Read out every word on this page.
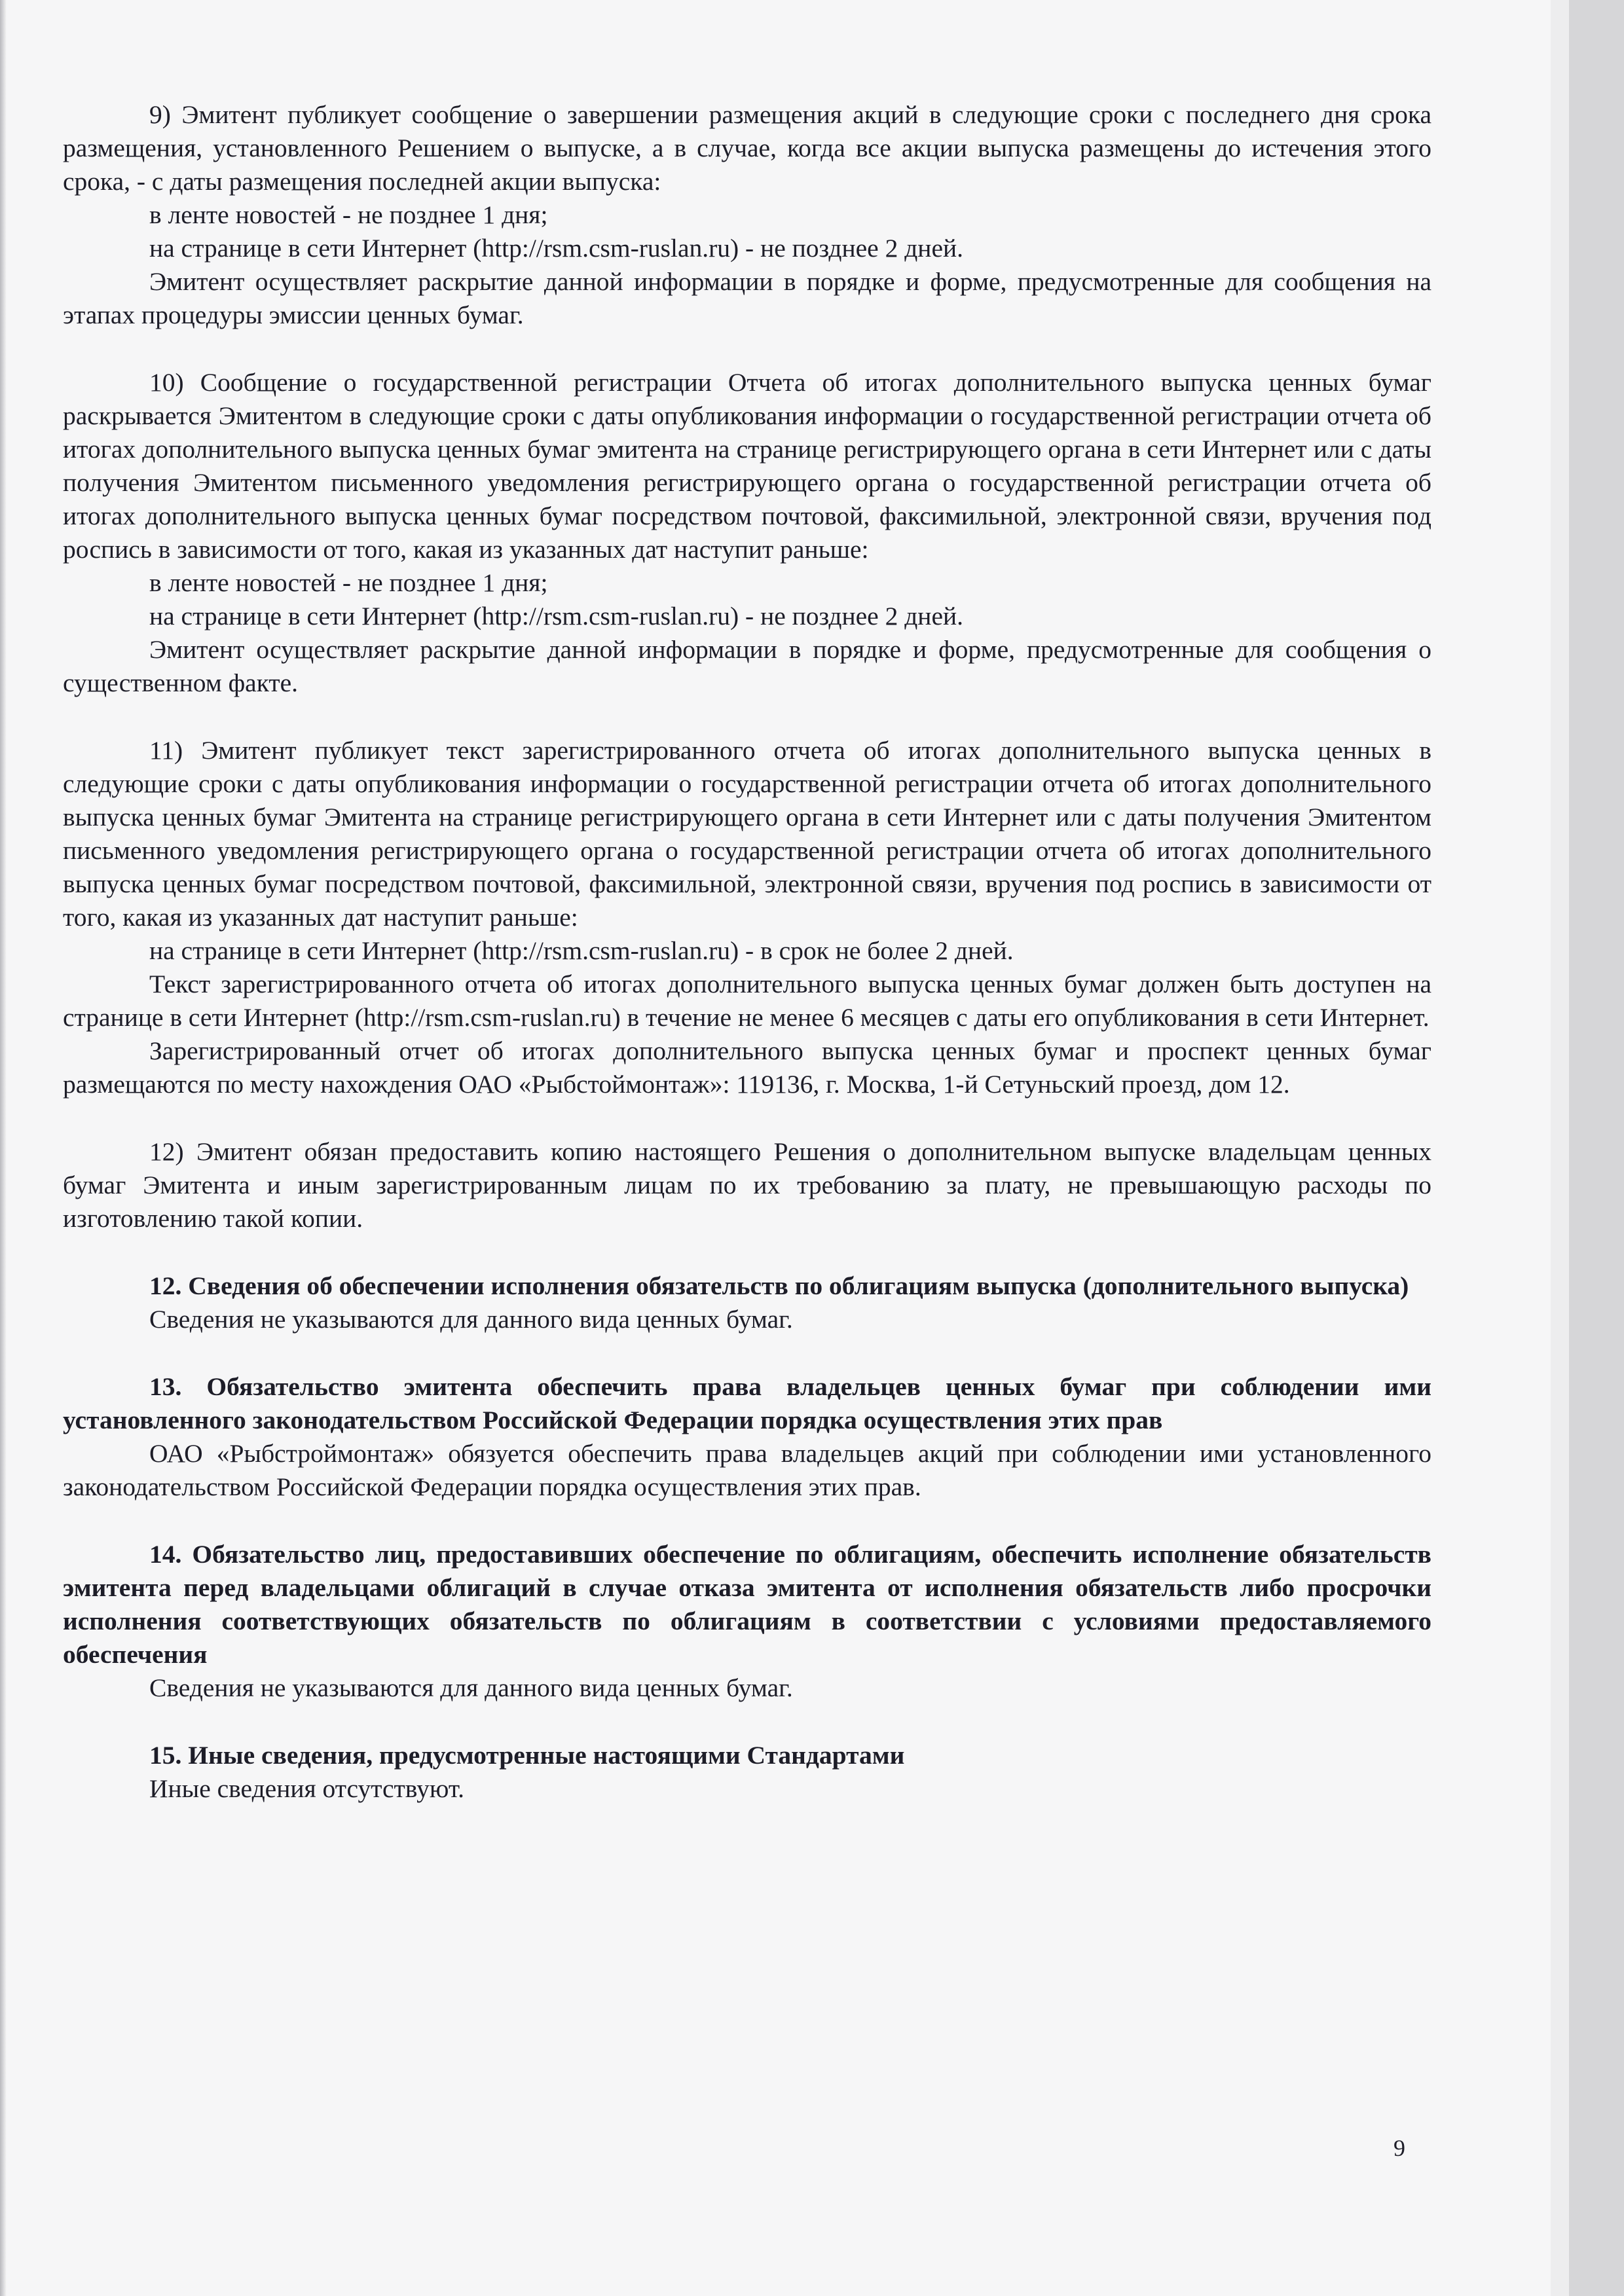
9) Эмитент публикует сообщение о завершении размещения акций в следующие сроки с последнего дня срока размещения, установленного Решением о выпуске, а в случае, когда все акции выпуска размещены до истечения этого срока, - с даты размещения последней акции выпуска:

в ленте новостей - не позднее 1 дня;

на странице в сети Интернет (http://rsm.csm-ruslan.ru) - не позднее 2 дней.

Эмитент осуществляет раскрытие данной информации в порядке и форме, предусмотренные для сообщения на этапах процедуры эмиссии ценных бумаг.

10) Сообщение о государственной регистрации Отчета об итогах дополнительного выпуска ценных бумаг раскрывается Эмитентом в следующие сроки с даты опубликования информации о государственной регистрации отчета об итогах дополнительного выпуска ценных бумаг эмитента на странице регистрирующего органа в сети Интернет или с даты получения Эмитентом письменного уведомления регистрирующего органа о государственной регистрации отчета об итогах дополнительного выпуска ценных бумаг посредством почтовой, факсимильной, электронной связи, вручения под роспись в зависимости от того, какая из указанных дат наступит раньше:

в ленте новостей - не позднее 1 дня;

на странице в сети Интернет (http://rsm.csm-ruslan.ru) - не позднее 2 дней.

Эмитент осуществляет раскрытие данной информации в порядке и форме, предусмотренные для сообщения о существенном факте.

11) Эмитент публикует текст зарегистрированного отчета об итогах дополнительного выпуска ценных в следующие сроки с даты опубликования информации о государственной регистрации отчета об итогах дополнительного выпуска ценных бумаг Эмитента на странице регистрирующего органа в сети Интернет или с даты получения Эмитентом письменного уведомления регистрирующего органа о государственной регистрации отчета об итогах дополнительного выпуска ценных бумаг посредством почтовой, факсимильной, электронной связи, вручения под роспись в зависимости от того, какая из указанных дат наступит раньше:

на странице в сети Интернет (http://rsm.csm-ruslan.ru) - в срок не более 2 дней.

Текст зарегистрированного отчета об итогах дополнительного выпуска ценных бумаг должен быть доступен на странице в сети Интернет (http://rsm.csm-ruslan.ru) в течение не менее 6 месяцев с даты его опубликования в сети Интернет.

Зарегистрированный отчет об итогах дополнительного выпуска ценных бумаг и проспект ценных бумаг размещаются по месту нахождения ОАО «Рыбстоймонтаж»: 119136, г. Москва, 1-й Сетуньский проезд, дом 12.

12) Эмитент обязан предоставить копию настоящего Решения о дополнительном выпуске владельцам ценных бумаг Эмитента и иным зарегистрированным лицам по их требованию за плату, не превышающую расходы по изготовлению такой копии.

12. Сведения об обеспечении исполнения обязательств по облигациям выпуска (дополнительного выпуска)

Сведения не указываются для данного вида ценных бумаг.

13. Обязательство эмитента обеспечить права владельцев ценных бумаг при соблюдении ими установленного законодательством Российской Федерации порядка осуществления этих прав

ОАО «Рыбстроймонтаж» обязуется обеспечить права владельцев акций при соблюдении ими установленного законодательством Российской Федерации порядка осуществления этих прав.

14. Обязательство лиц, предоставивших обеспечение по облигациям, обеспечить исполнение обязательств эмитента перед владельцами облигаций в случае отказа эмитента от исполнения обязательств либо просрочки исполнения соответствующих обязательств по облигациям в соответствии с условиями предоставляемого обеспечения

Сведения не указываются для данного вида ценных бумаг.

15. Иные сведения, предусмотренные настоящими Стандартами

Иные сведения отсутствуют.

9
